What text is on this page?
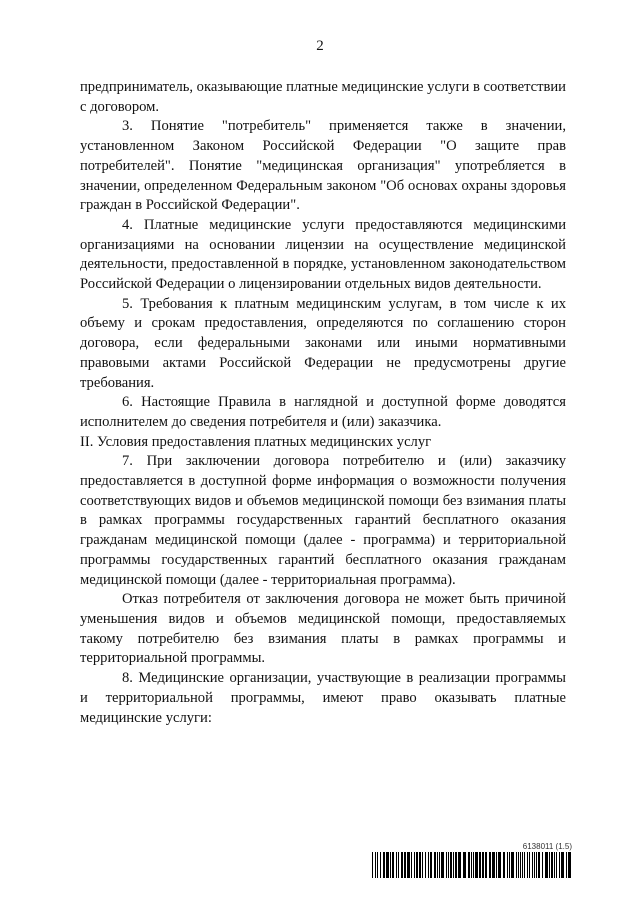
2

предприниматель, оказывающие платные медицинские услуги в соответствии с договором.

3. Понятие "потребитель" применяется также в значении, установленном Законом Российской Федерации "О защите прав потребителей". Понятие "медицинская организация" употребляется в значении, определенном Федеральным законом "Об основах охраны здоровья граждан в Российской Федерации".

4. Платные медицинские услуги предоставляются медицинскими организациями на основании лицензии на осуществление медицинской деятельности, предоставленной в порядке, установленном законодательством Российской Федерации о лицензировании отдельных видов деятельности.

5. Требования к платным медицинским услугам, в том числе к их объему и срокам предоставления, определяются по соглашению сторон договора, если федеральными законами или иными нормативными правовыми актами Российской Федерации не предусмотрены другие требования.

6. Настоящие Правила в наглядной и доступной форме доводятся исполнителем до сведения потребителя и (или) заказчика.

II. Условия предоставления платных медицинских услуг

7. При заключении договора потребителю и (или) заказчику предоставляется в доступной форме информация о возможности получения соответствующих видов и объемов медицинской помощи без взимания платы в рамках программы государственных гарантий бесплатного оказания гражданам медицинской помощи (далее - программа) и территориальной программы государственных гарантий бесплатного оказания гражданам медицинской помощи (далее - территориальная программа).

Отказ потребителя от заключения договора не может быть причиной уменьшения видов и объемов медицинской помощи, предоставляемых такому потребителю без взимания платы в рамках программы и территориальной программы.

8. Медицинские организации, участвующие в реализации программы и территориальной программы, имеют право оказывать платные медицинские услуги:

6138011 (1.5)
